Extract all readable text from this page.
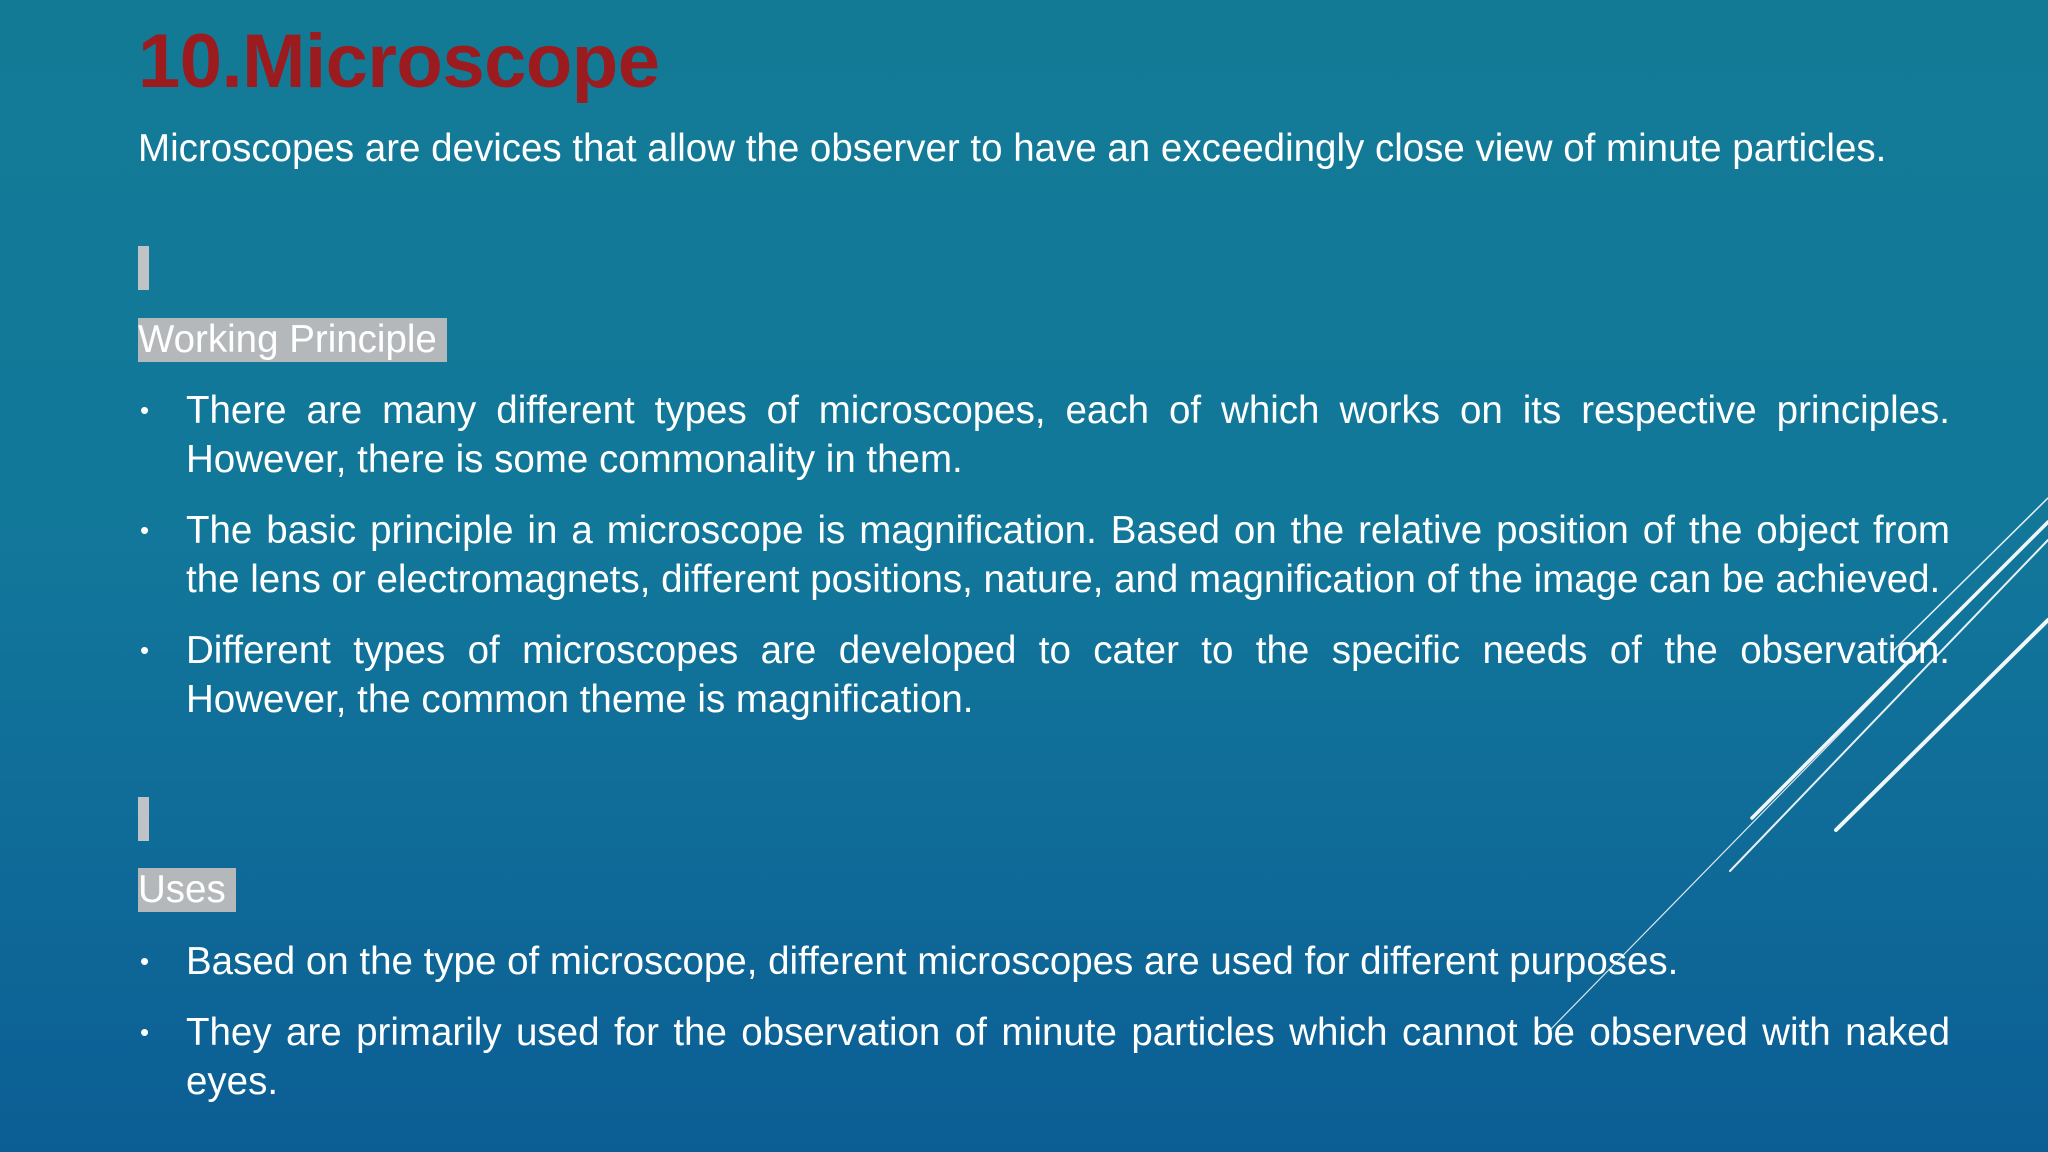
10.Microscope

Microscopes are devices that allow the observer to have an exceedingly close view of minute particles.

Working Principle
• There are many different types of microscopes, each of which works on its respective principles. However, there is some commonality in them.
• The basic principle in a microscope is magnification. Based on the relative position of the object from the lens or electromagnets, different positions, nature, and magnification of the image can be achieved.
• Different types of microscopes are developed to cater to the specific needs of the observation. However, the common theme is magnification.
Uses
• Based on the type of microscope, different microscopes are used for different purposes.
• They are primarily used for the observation of minute particles which cannot be observed with naked eyes.
